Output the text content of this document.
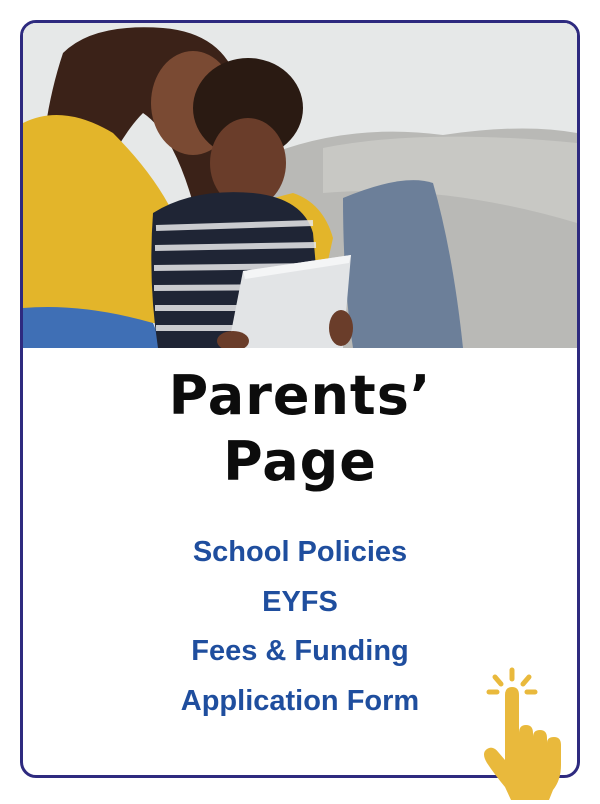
Parents’
Page
School Policies
EYFS
Fees & Funding
Application Form
